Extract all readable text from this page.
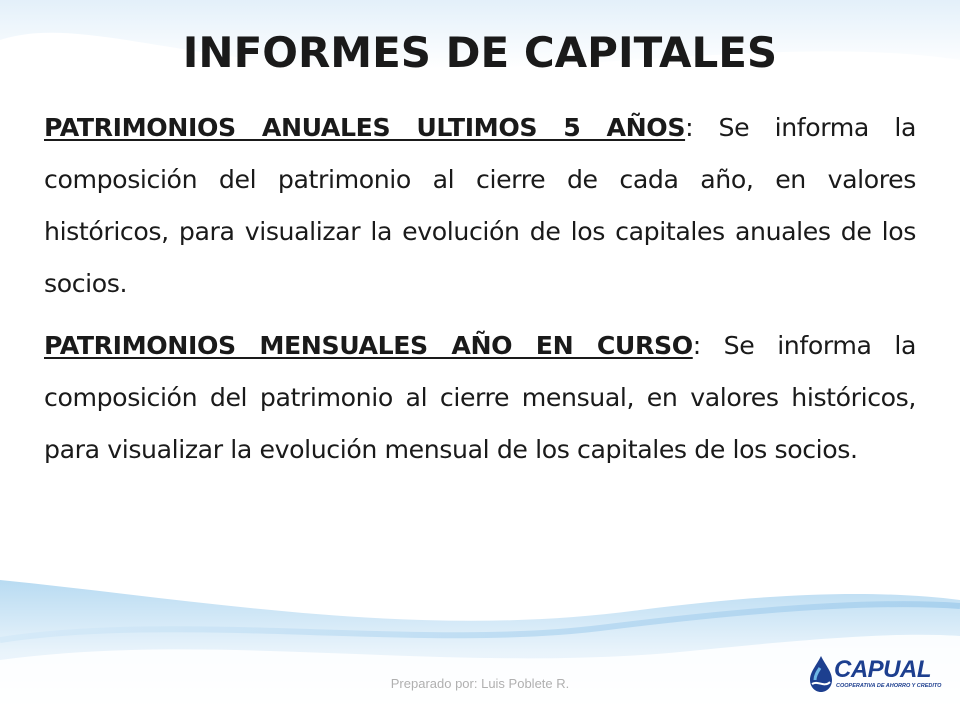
INFORMES DE CAPITALES

PATRIMONIOS ANUALES ULTIMOS 5 AÑOS: Se informa la composición del patrimonio al cierre de cada año, en valores históricos, para visualizar la evolución de los capitales anuales de los socios.

PATRIMONIOS MENSUALES AÑO EN CURSO: Se informa la composición del patrimonio al cierre mensual, en valores históricos, para visualizar la evolución mensual de los capitales de los socios.

Preparado por: Luis Poblete R.
CAPUAL
COOPERATIVA DE AHORRO Y CREDITO
